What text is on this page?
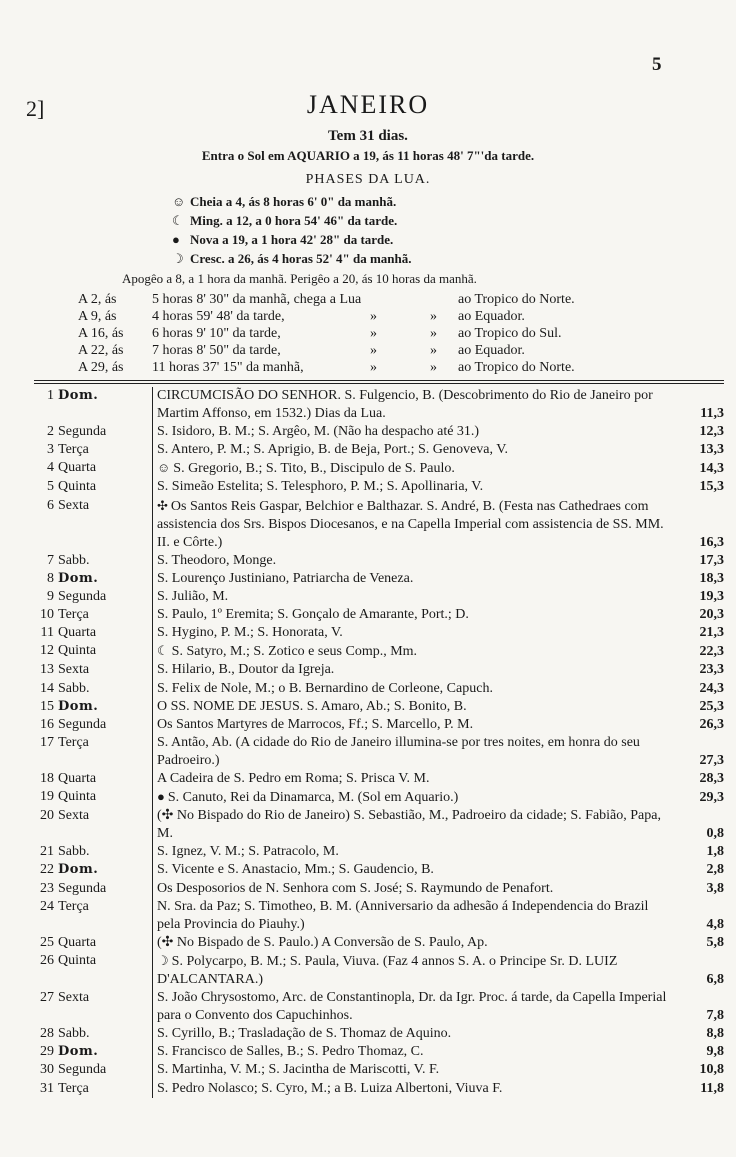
5
2]	JANEIRO
Tem 31 dias.
Entra o Sol em AQUARIO a 19, ás 11 horas 48' 7"'da tarde.
PHASES DA LUA.
☺ Cheia a 4, ás 8 horas 6' 0" da manhã.
☾ Ming. a 12, a 0 hora 54' 46" da tarde.
● Nova a 19, a 1 hora 42' 28" da tarde.
☽ Cresc. a 26, ás 4 horas 52' 4" da manhã.
Apogêo a 8, a 1 hora da manhã. Perigêo a 20, ás 10 horas da manhã.
A 2, ás	5 horas 8' 30" da manhã, chega a Lua	ao Tropico do Norte.
A 9, ás	4 horas 59' 48' da tarde,	»	» ao Equador.
A 16, ás 6 horas 9' 10" da tarde,	»	» ao Tropico do Sul.
A 22, ás 7 horas 8' 50" da tarde,	»	» ao Equador.
A 29, ás 11 horas 37' 15" da manhã,	»	» ao Tropico do Norte.
1	Dom.	CIRCUMCISÃO DO SENHOR. S. Fulgencio, B. (Descobrimento do Rio de Janeiro por Martim Affonso, em 1532.) Dias da Lua.	11,3
2	Segunda	S. Isidoro, B. M.; S. Argêo, M. (Não ha despacho até 31.)	12,3
3	Terça	S. Antero, P. M.; S. Aprigio, B. de Beja, Port.; S. Genoveva, V.	13,3
4	Quarta	☺ S. Gregorio, B.; S. Tito, B., Discipulo de S. Paulo.	14,3
5	Quinta	S. Simeão Estelita; S. Telesphoro, P. M.; S. Apollinaria, V.	15,3
6	Sexta	✣ Os Santos Reis Gaspar, Belchior e Balthazar. S. André, B. (Festa nas Cathedraes com assistencia dos Srs. Bispos Diocesanos, e na Capella Imperial com assistencia de SS. MM. II. e Côrte.)	16,3
7	Sabb.	S. Theodoro, Monge.	17,3
8	Dom.	S. Lourenço Justiniano, Patriarcha de Veneza.	18,3
9	Segunda	S. Julião, M.	19,3
10	Terça	S. Paulo, 1º Eremita; S. Gonçalo de Amarante, Port.; D.	20,3
11	Quarta	S. Hygino, P. M.; S. Honorata, V.	21,3
12	Quinta	☾ S. Satyro, M.; S. Zotico e seus Comp., Mm.	22,3
13	Sexta	S. Hilario, B., Doutor da Igreja.	23,3
14	Sabb.	S. Felix de Nole, M.; o B. Bernardino de Corleone, Capuch.	24,3
15	Dom.	O SS. NOME DE JESUS. S. Amaro, Ab.; S. Bonito, B.	25,3
16	Segunda	Os Santos Martyres de Marrocos, Ff.; S. Marcello, P. M.	26,3
17	Terça	S. Antão, Ab. (A cidade do Rio de Janeiro illumina-se por tres noites, em honra do seu Padroeiro.)	27,3
18	Quarta	A Cadeira de S. Pedro em Roma; S. Prisca V. M.	28,3
19	Quinta	● S. Canuto, Rei da Dinamarca, M. (Sol em Aquario.)	29,3
20	Sexta	(✣ No Bispado do Rio de Janeiro) S. Sebastião, M., Padroeiro da cidade; S. Fabião, Papa, M.	0,8
21	Sabb.	S. Ignez, V. M.; S. Patracolo, M.	1,8
22	Dom.	S. Vicente e S. Anastacio, Mm.; S. Gaudencio, B.	2,8
23	Segunda	Os Desposorios de N. Senhora com S. José; S. Raymundo de Penafort.	3,8
24	Terça	N. Sra. da Paz; S. Timotheo, B. M. (Anniversario da adhesão á Independencia do Brazil pela Provincia do Piauhy.)	4,8
25	Quarta	(✣ No Bispado de S. Paulo.) A Conversão de S. Paulo, Ap.	5,8
26	Quinta	☽ S. Polycarpo, B. M.; S. Paula, Viuva. (Faz 4 annos S. A. o Principe Sr. D. LUIZ D'ALCANTARA.)	6,8
27	Sexta	S. João Chrysostomo, Arc. de Constantinopla, Dr. da Igr. Proc. á tarde, da Capella Imperial para o Convento dos Capuchinhos.	7,8
28	Sabb.	S. Cyrillo, B.; Trasladação de S. Thomaz de Aquino.	8,8
29	Dom.	S. Francisco de Salles, B.; S. Pedro Thomaz, C.	9,8
30	Segunda	S. Martinha, V. M.; S. Jacintha de Mariscotti, V. F.	10,8
31	Terça	S. Pedro Nolasco; S. Cyro, M.; a B. Luiza Albertoni, Viuva F.	11,8
